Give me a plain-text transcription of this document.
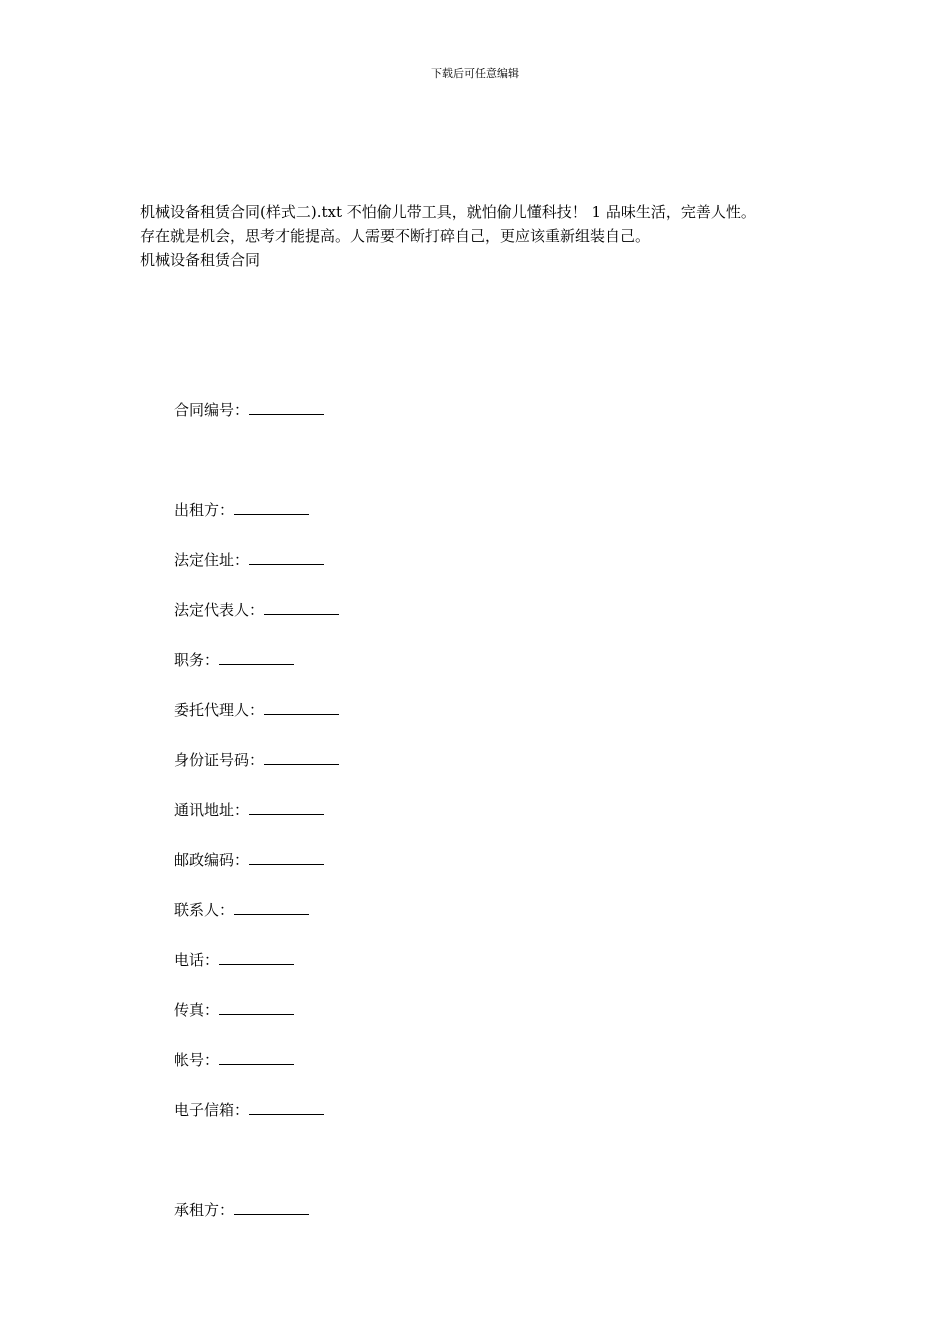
下载后可任意编辑
机械设备租赁合同(样式二).txt 不怕偷儿带工具，就怕偷儿懂科技！ 1 品味生活，完善人性。
存在就是机会，思考才能提高。人需要不断打碎自己，更应该重新组装自己。
机械设备租赁合同
合同编号：
出租方：
法定住址：
法定代表人：
职务：
委托代理人：
身份证号码：
通讯地址：
邮政编码：
联系人：
电话：
传真：
帐号：
电子信箱：
承租方：
